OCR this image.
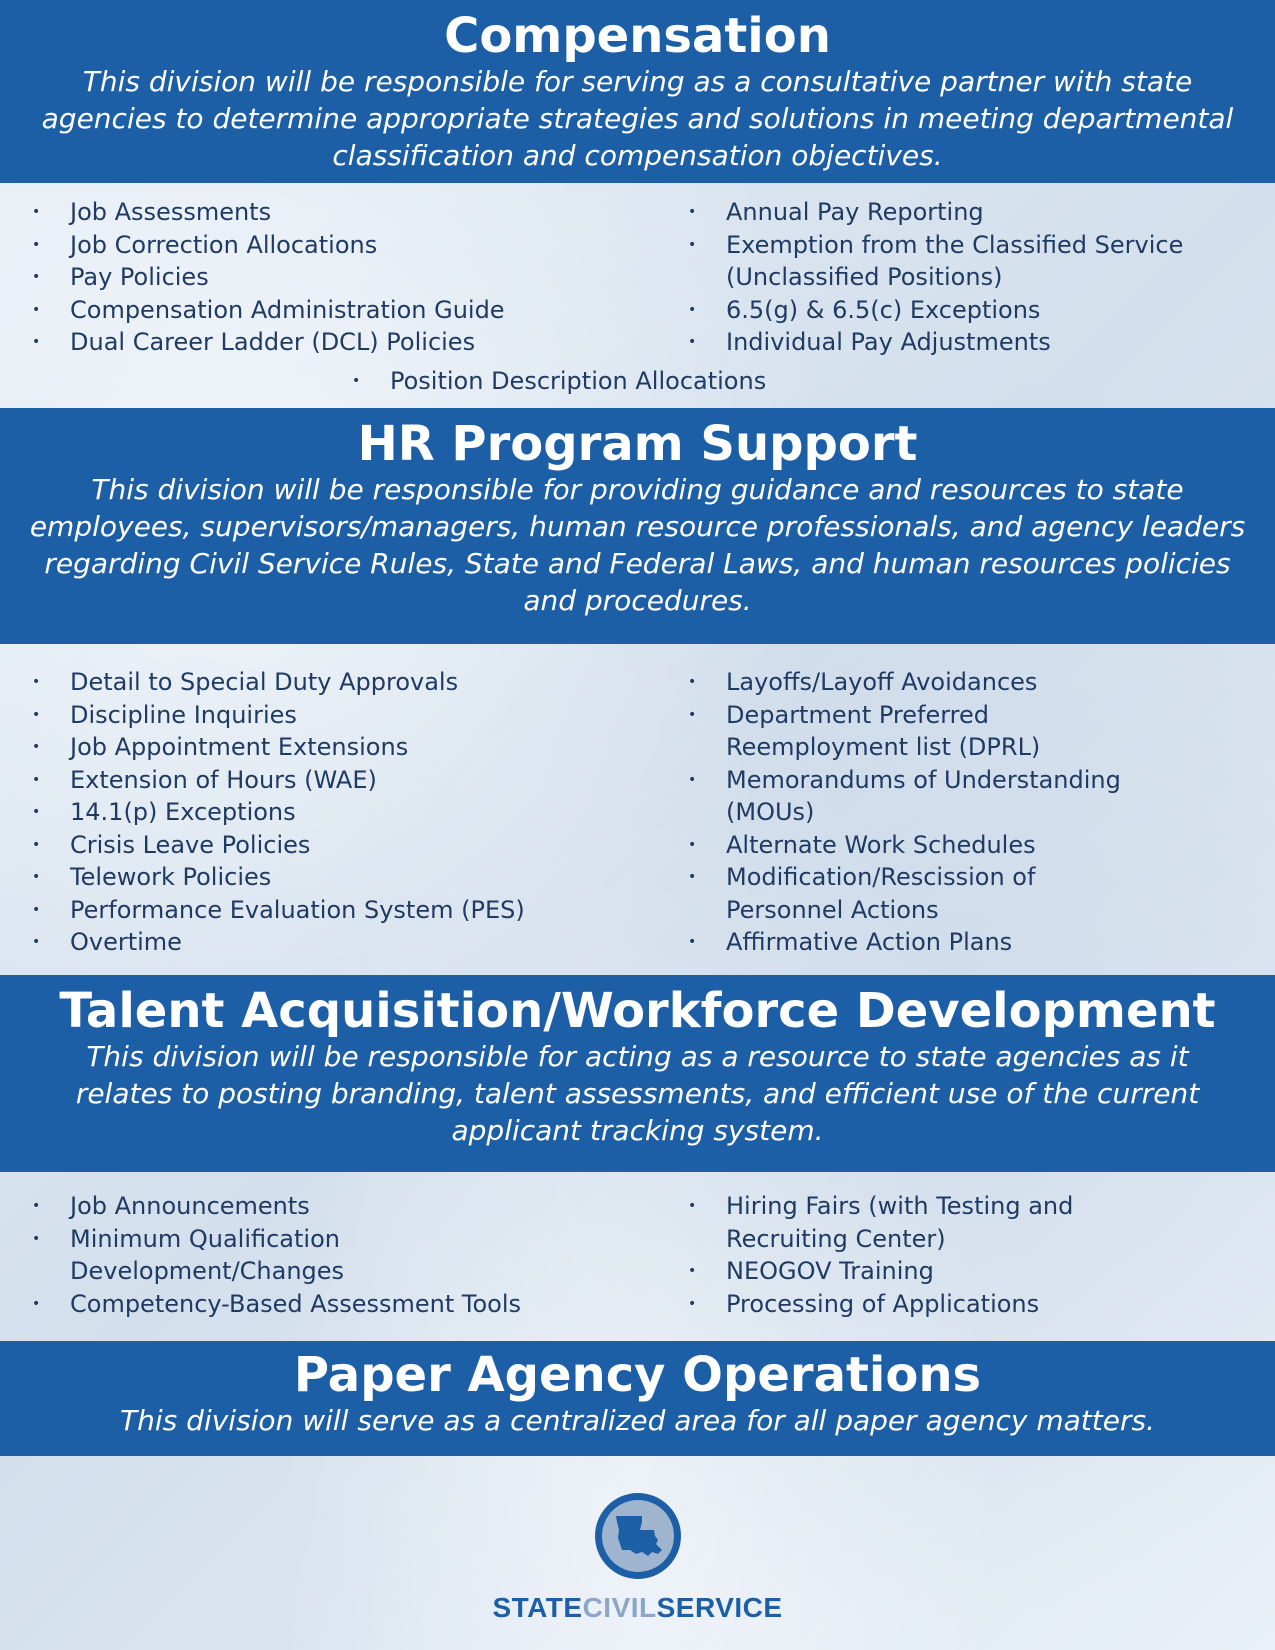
Compensation

This division will be responsible for serving as a consultative partner with state agencies to determine appropriate strategies and solutions in meeting departmental classification and compensation objectives.

• Job Assessments
• Job Correction Allocations
• Pay Policies
• Compensation Administration Guide
• Dual Career Ladder (DCL) Policies
• Annual Pay Reporting
• Exemption from the Classified Service
(Unclassified Positions)
• 6.5(g) & 6.5(c) Exceptions
• Individual Pay Adjustments
• Position Description Allocations
HR Program Support

This division will be responsible for providing guidance and resources to state employees, supervisors/managers, human resource professionals, and agency leaders regarding Civil Service Rules, State and Federal Laws, and human resources policies and procedures.

• Detail to Special Duty Approvals
• Discipline Inquiries
• Job Appointment Extensions
• Extension of Hours (WAE)
• 14.1(p) Exceptions
• Crisis Leave Policies
• Telework Policies
• Performance Evaluation System (PES)
• Overtime
• Layoffs/Layoff Avoidances
• Department Preferred
Reemployment list (DPRL)
• Memorandums of Understanding
(MOUs)
• Alternate Work Schedules
• Modification/Rescission of
Personnel Actions
• Affirmative Action Plans
Talent Acquisition/Workforce Development

This division will be responsible for acting as a resource to state agencies as it relates to posting branding, talent assessments, and efficient use of the current applicant tracking system.

• Job Announcements
• Minimum Qualification
Development/Changes
• Competency-Based Assessment Tools
• Hiring Fairs (with Testing and
Recruiting Center)
• NEOGOV Training
• Processing of Applications
Paper Agency Operations

This division will serve as a centralized area for all paper agency matters.

STATECIVILSERVICE
